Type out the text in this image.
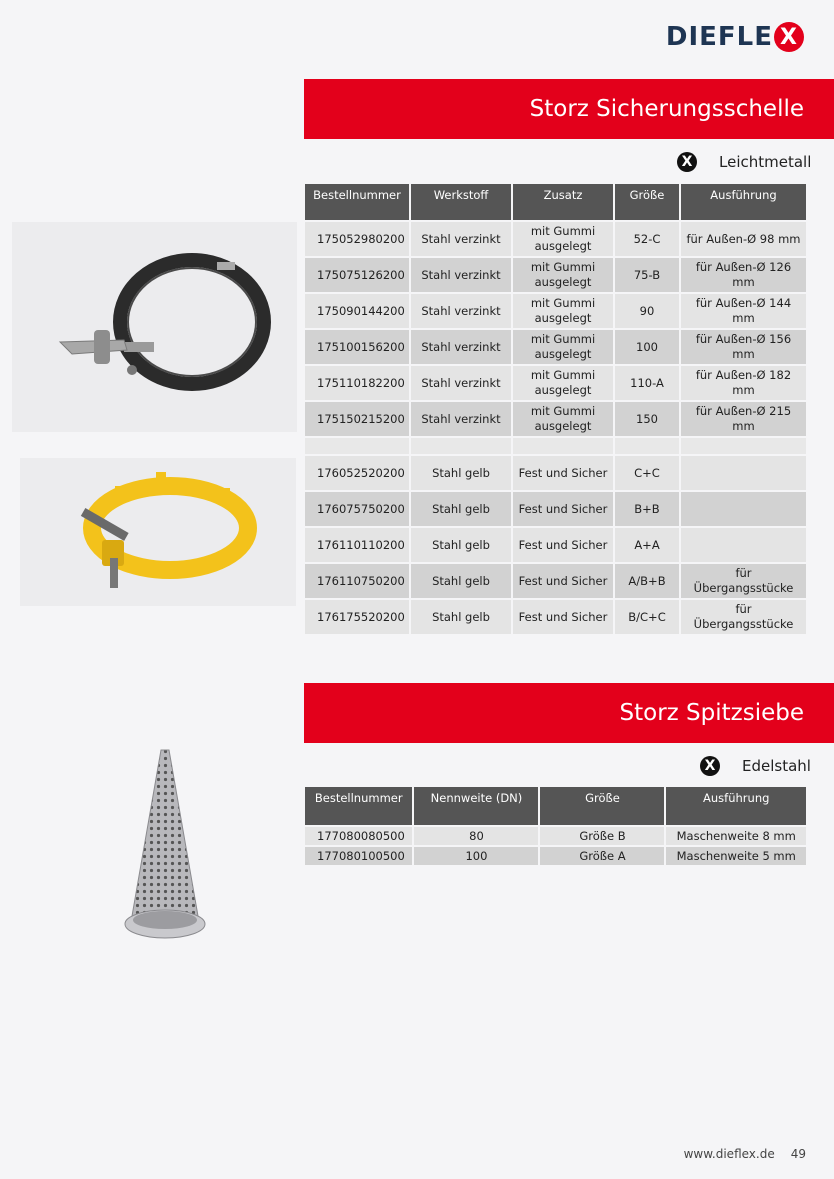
DIEFLE X
Storz Sicherungsschelle
X	Leichtmetall
Bestellnummer	Werkstoff	Zusatz	Größe	Ausführung
175052980200	Stahl verzinkt	mit Gummi ausgelegt	52-C	für Außen-Ø 98 mm
175075126200	Stahl verzinkt	mit Gummi ausgelegt	75-B	für Außen-Ø 126 mm
175090144200	Stahl verzinkt	mit Gummi ausgelegt	90	für Außen-Ø 144 mm
175100156200	Stahl verzinkt	mit Gummi ausgelegt	100	für Außen-Ø 156 mm
175110182200	Stahl verzinkt	mit Gummi ausgelegt	110-A	für Außen-Ø 182 mm
175150215200	Stahl verzinkt	mit Gummi ausgelegt	150	für Außen-Ø 215 mm

176052520200	Stahl gelb	Fest und Sicher	C+C	
176075750200	Stahl gelb	Fest und Sicher	B+B	
176110110200	Stahl gelb	Fest und Sicher	A+A	
176110750200	Stahl gelb	Fest und Sicher	A/B+B	für Übergangsstücke
176175520200	Stahl gelb	Fest und Sicher	B/C+C	für Übergangsstücke
Storz Spitzsiebe
X	Edelstahl
Bestellnummer	Nennweite (DN)	Größe	Ausführung
177080080500	80	Größe B	Maschenweite 8 mm
177080100500	100	Größe A	Maschenweite 5 mm
www.dieflex.de 49
